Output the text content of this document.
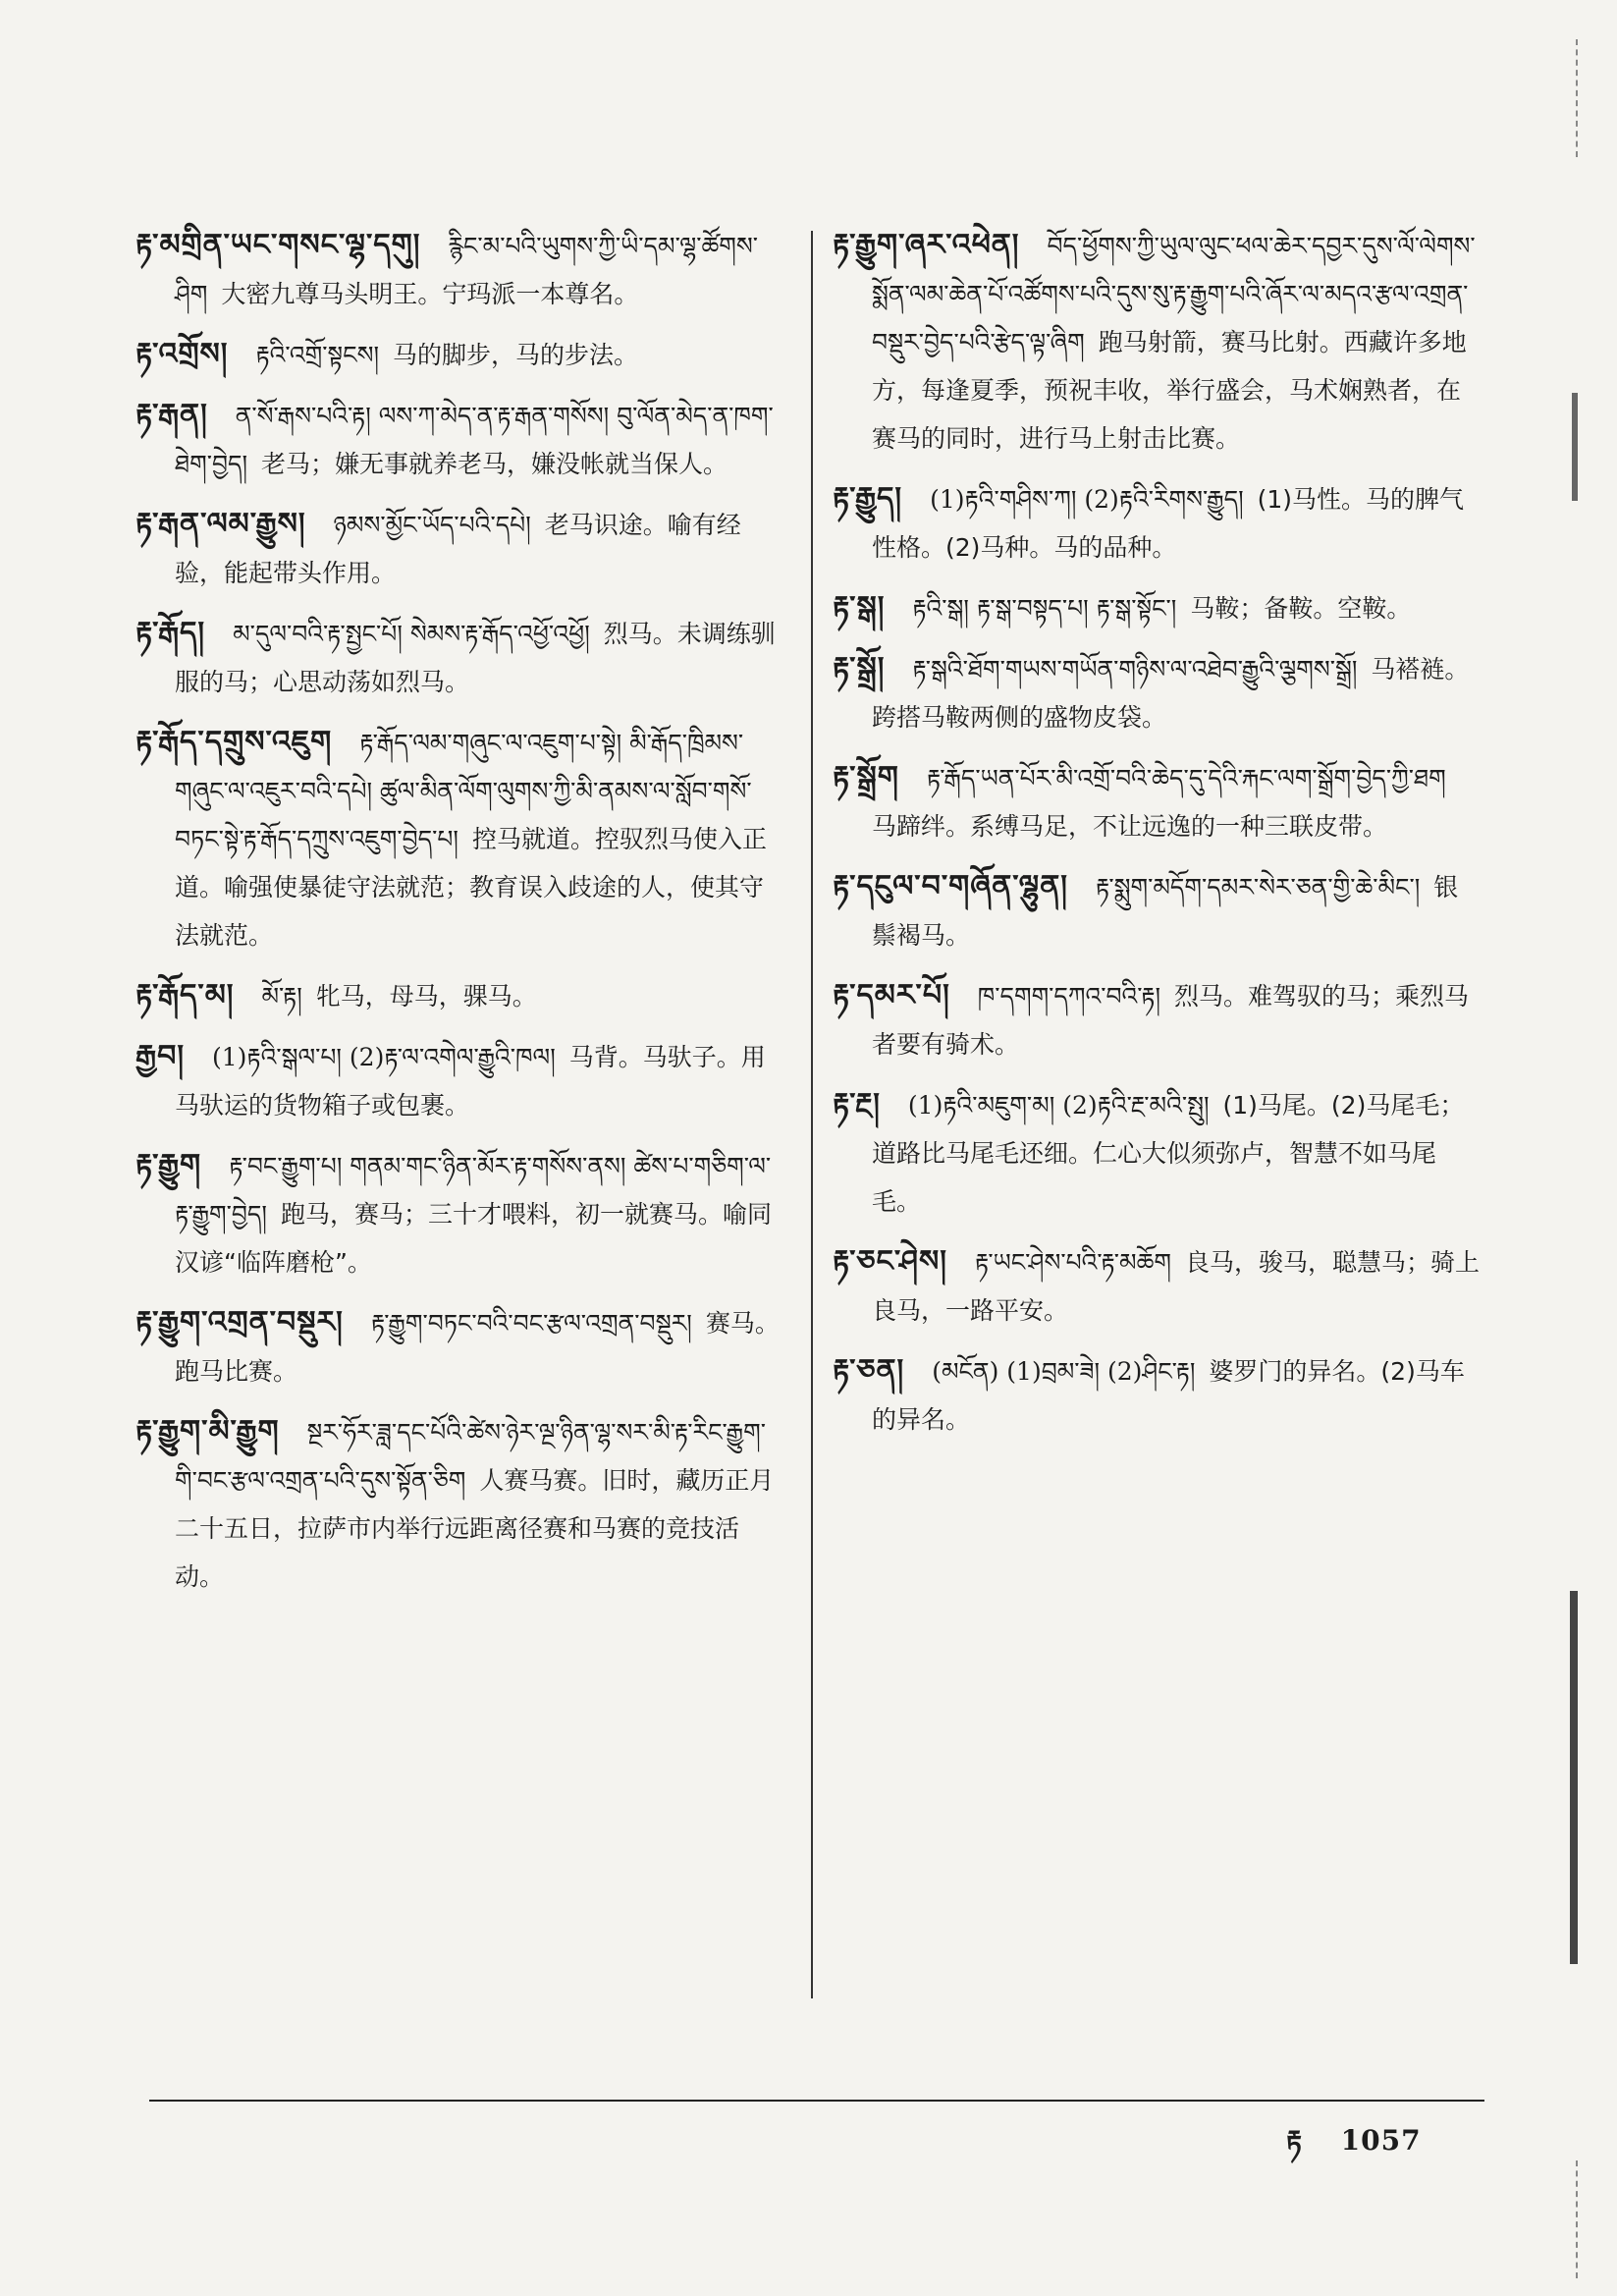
རྟ་མགྲིན་ཡང་གསང་ལྷ་དགུ། རྙིང་མ་པའི་ཡུགས་ཀྱི་ཡི་དམ་ལྷ་ཚོགས་ཤིག 大密九尊马头明王。宁玛派一本尊名。
རྟ་འགྲོས། རྟའི་འགྲོ་སྟངས། 马的脚步，马的步法。
རྟ་རྒན། ན་སོ་རྒས་པའི་རྟ། ལས་ཀ་མེད་ན་རྟ་རྒན་གསོས། བུ་ལོན་མེད་ན་ཁག་ཐེག་བྱེད། 老马；嫌无事就养老马，嫌没帐就当保人。
རྟ་རྒན་ལམ་རྒྱུས། ཉམས་མྱོང་ཡོད་པའི་དཔེ། 老马识途。喻有经验，能起带头作用。
རྟ་རྒོད། མ་དུལ་བའི་རྟ་སྤྱང་པོ། སེམས་རྟ་རྒོད་འཕྱོ་འཕྱོ། 烈马。未调练驯服的马；心思动荡如烈马。
རྟ་རྒོད་དགྲུས་འཇུག རྟ་རྒོད་ལམ་གཞུང་ལ་འཇུག་པ་སྟེ། མི་རྒོད་ཁྲིམས་གཞུང་ལ་འཇུར་བའི་དཔེ། ཚུལ་མིན་ལོག་ལུགས་ཀྱི་མི་ནམས་ལ་སློབ་གསོ་བཏང་སྟེ་རྟ་རྒོད་དཀྲུས་འཇུག་བྱེད་པ། 控马就道。控驭烈马使入正道。喻强使暴徒守法就范；教育误入歧途的人，使其守法就范。
རྟ་རྒོད་མ། མོ་རྟ། 牝马，母马，骒马。
རྒྱབ། (1)རྟའི་སྒལ་པ། (2)རྟ་ལ་འགེལ་རྒྱུའི་ཁལ། 马背。马驮子。用马驮运的货物箱子或包裹。
རྟ་རྒྱུག རྟ་བང་རྒྱུག་པ། གནམ་གང་ཉིན་མོར་རྟ་གསོས་ནས། ཚེས་པ་གཅིག་ལ་རྟ་རྒྱུག་བྱེད། 跑马，赛马；三十才喂料，初一就赛马。喻同汉谚“临阵磨枪”。
རྟ་རྒྱུག་འགྲན་བསྡུར། རྟ་རྒྱུག་བཏང་བའི་བང་རྩལ་འགྲན་བསྡུར། 赛马。跑马比赛。
རྟ་རྒྱུག་མི་རྒྱུག སྔར་ཧོར་ཟླ་དང་པོའི་ཚེས་ཉེར་ལྔ་ཉིན་ལྷ་སར་མི་རྟ་རིང་རྒྱུག་གི་བང་རྩལ་འགྲན་པའི་དུས་སྟོན་ཅིག 人赛马赛。旧时，藏历正月二十五日，拉萨市内举行远距离径赛和马赛的竞技活动。
རྟ་རྒྱུག་ཞར་འཕེན། བོད་ཕྱོགས་ཀྱི་ཡུལ་ལུང་ཕལ་ཆེར་དབྱར་དུས་ལོ་ལེགས་སྨོན་ལམ་ཆེན་པོ་འཚོགས་པའི་དུས་སུ་རྟ་རྒྱུག་པའི་ཞོར་ལ་མདའ་རྩལ་འགྲན་བསྡུར་བྱེད་པའི་རྩེད་ལྟ་ཞིག 跑马射箭，赛马比射。西藏许多地方，每逢夏季，预祝丰收，举行盛会，马术娴熟者，在赛马的同时，进行马上射击比赛。
རྟ་རྒྱུད། (1)རྟའི་གཤིས་ཀ། (2)རྟའི་རིགས་རྒྱུད། (1)马性。马的脾气性格。(2)马种。马的品种。
རྟ་སྒ། རྟའི་སྒ། རྟ་སྒ་བསྟད་པ། རྟ་སྒ་སྟོང་། 马鞍；备鞍。空鞍。
རྟ་སྒྲོ། རྟ་སྒའི་ཐོག་གཡས་གཡོན་གཉིས་ལ་འཐེབ་རྒྱུའི་ལྕགས་སྒྲོ། 马褡裢。跨搭马鞍两侧的盛物皮袋。
རྟ་སྒྲོག རྟ་རྒོད་ཡན་པོར་མི་འགྲོ་བའི་ཆེད་དུ་དེའི་རྐང་ལག་སྒྲོག་བྱེད་ཀྱི་ཐག马蹄绊。系缚马足，不让远逸的一种三联皮带。
རྟ་དངུལ་བ་གཞོན་ལྷུན། རྟ་སྨུག་མདོག་དམར་སེར་ཅན་གྱི་ཆེ་མིང་། 银鬃褐马。
རྟ་དམར་པོ། ཁ་དགག་དཀའ་བའི་རྟ། 烈马。难驾驭的马；乘烈马者要有骑术。
རྟ་རྔ། (1)རྟའི་མཇུག་མ། (2)རྟའི་རྔ་མའི་སྤུ། (1)马尾。(2)马尾毛；道路比马尾毛还细。仁心大似须弥卢，智慧不如马尾毛。
རྟ་ཅང་ཤེས། རྟ་ཡང་ཤེས་པའི་རྟ་མཆོག 良马，骏马，聪慧马；骑上良马，一路平安。
རྟ་ཅན། (མངོན) (1)བྲམ་ཟེ། (2)ཤིང་རྟ། 婆罗门的异名。(2)马车的异名。
རྟ 1057
